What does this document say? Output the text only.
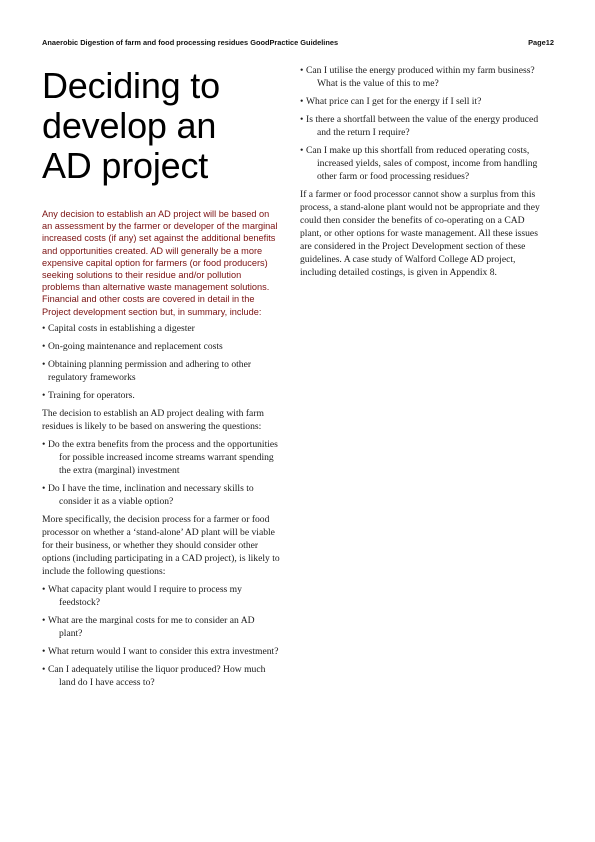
Anaerobic Digestion of farm and food processing residues GoodPractice Guidelines	Page12
Deciding to
develop an
AD project
Any decision to establish an AD project will be based on an assessment by the farmer or developer of the marginal increased costs (if any) set against the additional benefits and opportunities created. AD will generally be a more expensive capital option for farmers (or food producers) seeking solutions to their residue and/or pollution problems than alternative waste management solutions. Financial and other costs are covered in detail in the Project development section but, in summary, include:
• Capital costs in establishing a digester
• On-going maintenance and replacement costs
• Obtaining planning permission and adhering to other regulatory frameworks
• Training for operators.

The decision to establish an AD project dealing with farm residues is likely to be based on answering the questions:

• Do the extra benefits from the process and the opportunities for possible increased income streams warrant spending the extra (marginal) investment
• Do I have the time, inclination and necessary skills to consider it as a viable option?

More specifically, the decision process for a farmer or food processor on whether a ‘stand-alone’ AD plant will be viable for their business, or whether they should consider other options (including participating in a CAD project), is likely to include the following questions:

• What capacity plant would I require to process my feedstock?
• What are the marginal costs for me to consider an AD plant?
• What return would I want to consider this extra investment?
• Can I adequately utilise the liquor produced? How much land do I have access to?
• Can I utilise the energy produced within my farm business? What is the value of this to me?
• What price can I get for the energy if I sell it?
• Is there a shortfall between the value of the energy produced and the return I require?
• Can I make up this shortfall from reduced operating costs, increased yields, sales of compost, income from handling other farm or food processing residues?

If a farmer or food processor cannot show a surplus from this process, a stand-alone plant would not be appropriate and they could then consider the benefits of co-operating on a CAD plant, or other options for waste management. All these issues are considered in the Project Development section of these guidelines. A case study of Walford College AD project, including detailed costings, is given in Appendix 8.
